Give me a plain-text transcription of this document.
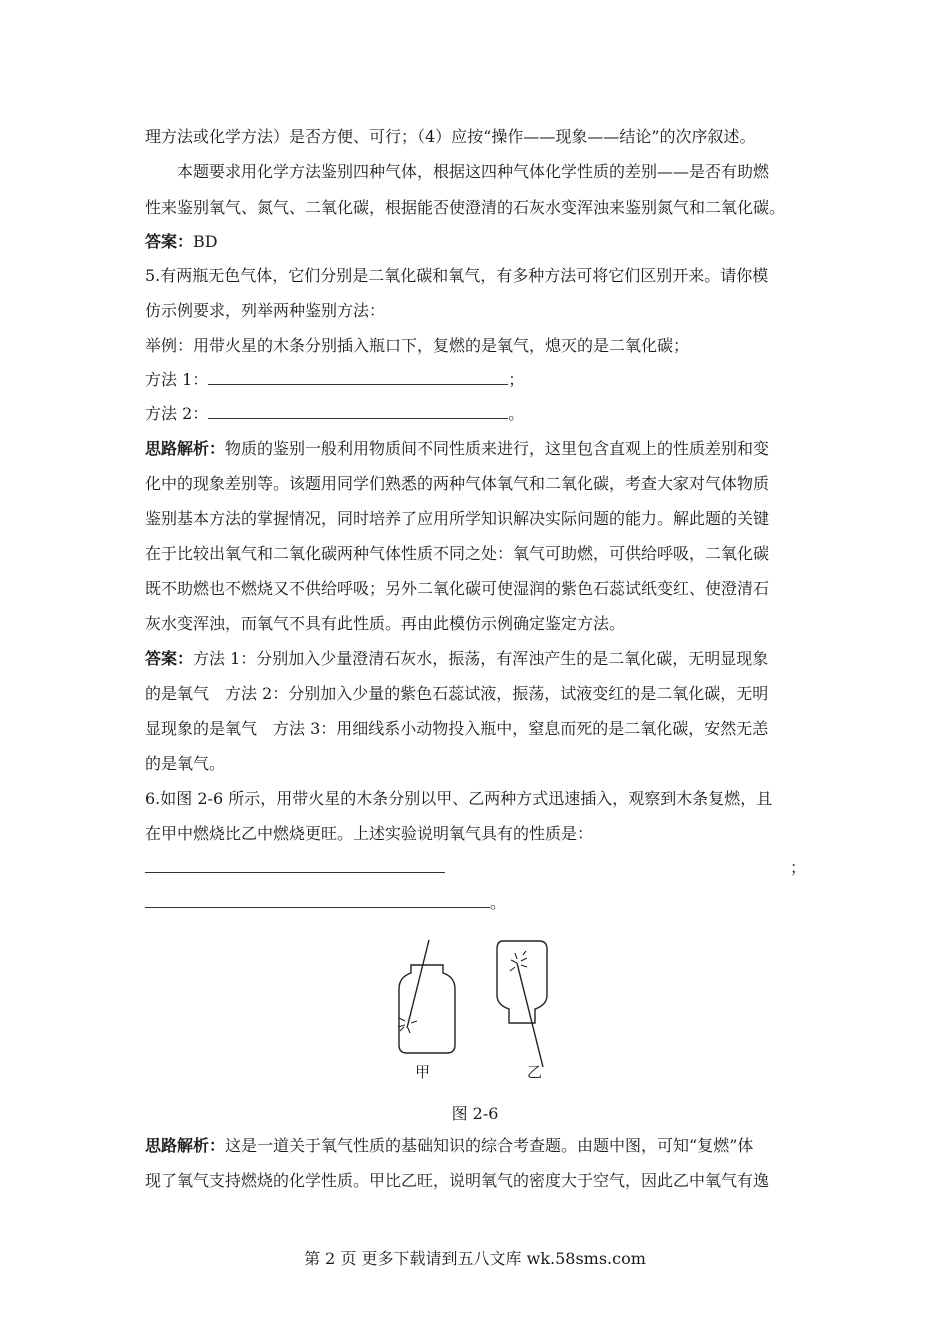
理方法或化学方法）是否方便、可行；（4）应按“操作——现象——结论”的次序叙述。
本题要求用化学方法鉴别四种气体，根据这四种气体化学性质的差别——是否有助燃
性来鉴别氧气、氮气、二氧化碳，根据能否使澄清的石灰水变浑浊来鉴别氮气和二氧化碳。
答案：BD
5.有两瓶无色气体，它们分别是二氧化碳和氧气，有多种方法可将它们区别开来。请你模
仿示例要求，列举两种鉴别方法：
举例：用带火星的木条分别插入瓶口下，复燃的是氧气，熄灭的是二氧化碳；
方法 1：	；
方法 2：	。
思路解析：物质的鉴别一般利用物质间不同性质来进行，这里包含直观上的性质差别和变
化中的现象差别等。该题用同学们熟悉的两种气体氧气和二氧化碳，考查大家对气体物质
鉴别基本方法的掌握情况，同时培养了应用所学知识解决实际问题的能力。解此题的关键
在于比较出氧气和二氧化碳两种气体性质不同之处：氧气可助燃，可供给呼吸，二氧化碳
既不助燃也不燃烧又不供给呼吸；另外二氧化碳可使湿润的紫色石蕊试纸变红、使澄清石
灰水变浑浊，而氧气不具有此性质。再由此模仿示例确定鉴定方法。
答案：方法 1：分别加入少量澄清石灰水，振荡，有浑浊产生的是二氧化碳，无明显现象
的是氧气　方法 2：分别加入少量的紫色石蕊试液，振荡，试液变红的是二氧化碳，无明
显现象的是氧气　方法 3：用细线系小动物投入瓶中，窒息而死的是二氧化碳，安然无恙
的是氧气。
6.如图 2-6 所示，用带火星的木条分别以甲、乙两种方式迅速插入，观察到木条复燃，且
在甲中燃烧比乙中燃烧更旺。上述实验说明氧气具有的性质是：
；
。
甲	乙
图 2-6
思路解析：这是一道关于氧气性质的基础知识的综合考查题。由题中图，可知“复燃”体
现了氧气支持燃烧的化学性质。甲比乙旺，说明氧气的密度大于空气，因此乙中氧气有逸
第 2 页 更多下载请到五八文库 wk.58sms.com
